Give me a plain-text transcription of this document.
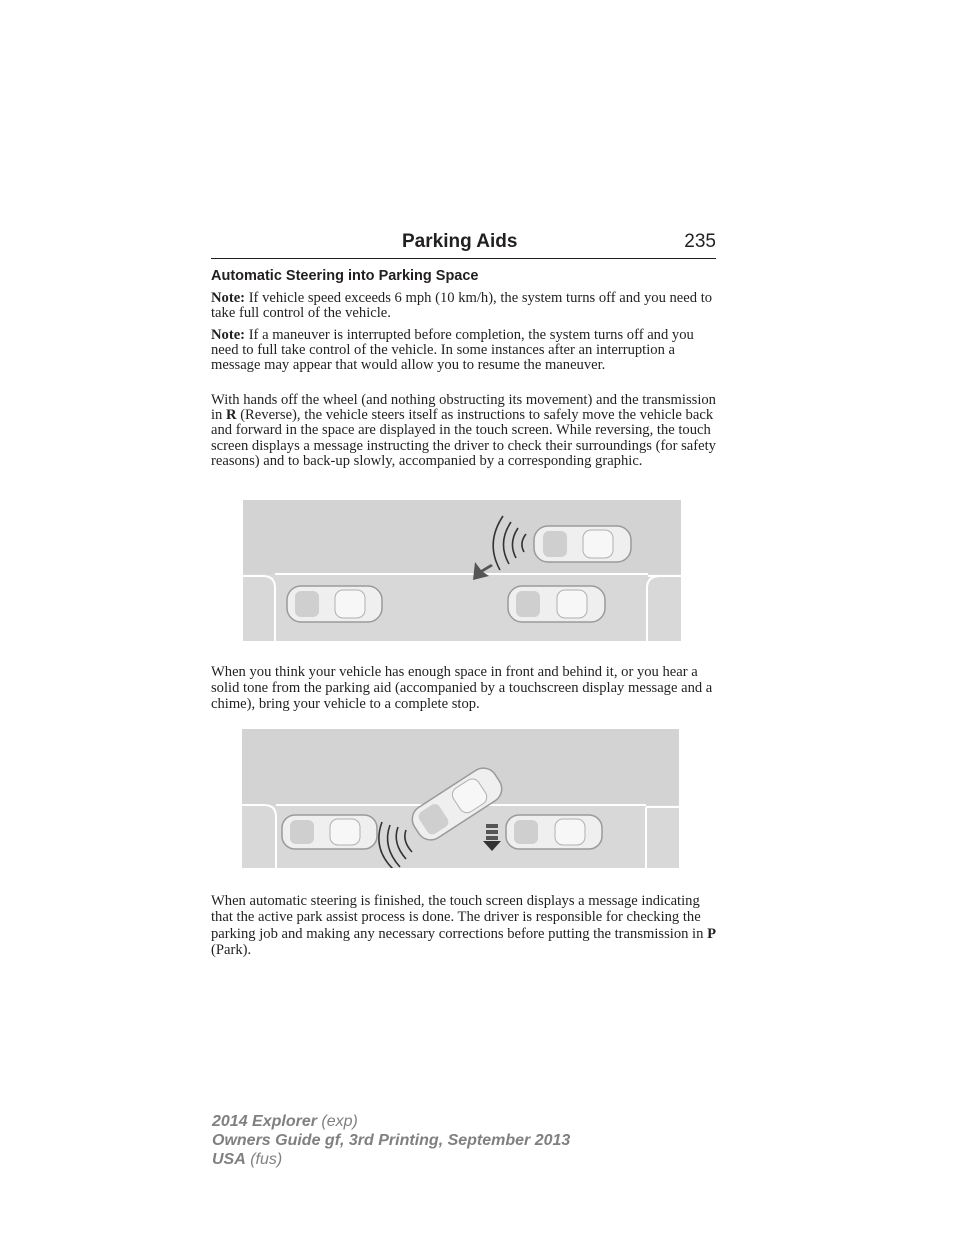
Parking Aids	235
Automatic Steering into Parking Space

Note: If vehicle speed exceeds 6 mph (10 km/h), the system turns off and you need to take full control of the vehicle.

Note: If a maneuver is interrupted before completion, the system turns off and you need to full take control of the vehicle. In some instances after an interruption a message may appear that would allow you to resume the maneuver.

With hands off the wheel (and nothing obstructing its movement) and the transmission in R (Reverse), the vehicle steers itself as instructions to safely move the vehicle back and forward in the space are displayed in the touch screen. While reversing, the touch screen displays a message instructing the driver to check their surroundings (for safety reasons) and to back-up slowly, accompanied by a corresponding graphic.

When you think your vehicle has enough space in front and behind it, or you hear a solid tone from the parking aid (accompanied by a touchscreen display message and a chime), bring your vehicle to a complete stop.

When automatic steering is finished, the touch screen displays a message indicating that the active park assist process is done. The driver is responsible for checking the parking job and making any necessary corrections before putting the transmission in P (Park).

2014 Explorer (exp)
Owners Guide gf, 3rd Printing, September 2013
USA (fus)
